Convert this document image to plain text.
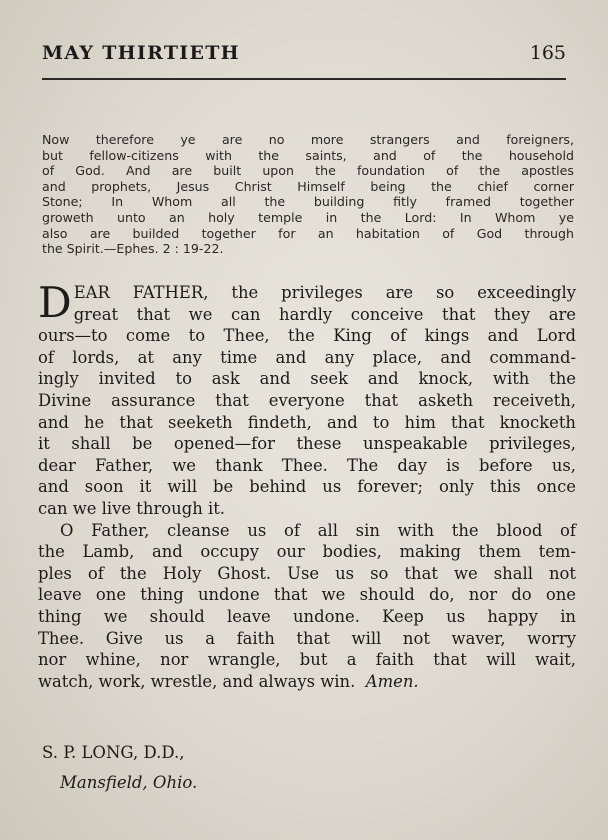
MAY THIRTIETH	165
Now therefore ye are no more strangers and foreigners,
but fellow-citizens with the saints, and of the household
of God. And are built upon the foundation of the apostles
and prophets, Jesus Christ Himself being the chief corner
Stone; In Whom all the building fitly framed together
groweth unto an holy temple in the Lord: In Whom ye
also are builded together for an habitation of God through
the Spirit.—Ephes. 2 : 19-22.
D EAR FATHER, the privileges are so exceedingly
great that we can hardly conceive that they are
ours—to come to Thee, the King of kings and Lord
of lords, at any time and any place, and command-
ingly invited to ask and seek and knock, with the
Divine assurance that everyone that asketh receiveth,
and he that seeketh findeth, and to him that knocketh
it shall be opened—for these unspeakable privileges,
dear Father, we thank Thee. The day is before us,
and soon it will be behind us forever; only this once
can we live through it.
O Father, cleanse us of all sin with the blood of
the Lamb, and occupy our bodies, making them tem-
ples of the Holy Ghost. Use us so that we shall not
leave one thing undone that we should do, nor do one
thing we should leave undone. Keep us happy in
Thee. Give us a faith that will not waver, worry
nor whine, nor wrangle, but a faith that will wait,
watch, work, wrestle, and always win. Amen.
S. P. LONG, D.D.,
Mansfield, Ohio.
